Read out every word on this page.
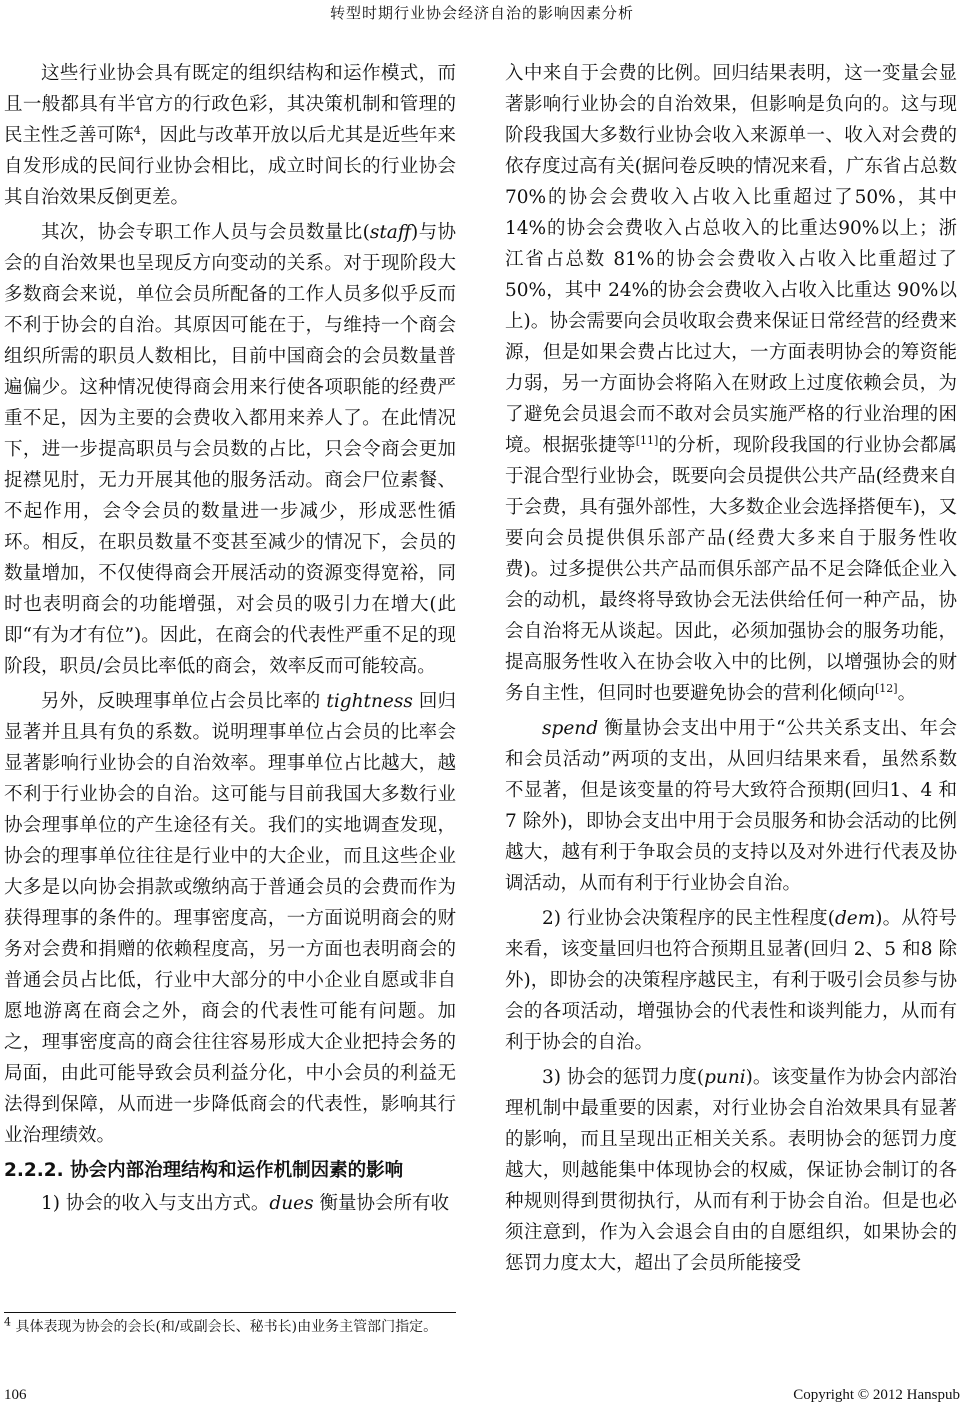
转型时期行业协会经济自治的影响因素分析

这些行业协会具有既定的组织结构和运作模式，而且一般都具有半官方的行政色彩，其决策机制和管理的民主性乏善可陈$^4$，因此与改革开放以后尤其是近些年来自发形成的民间行业协会相比，成立时间长的行业协会其自治效果反倒更差。

其次，协会专职工作人员与会员数量比(staff)与协会的自治效果也呈现反方向变动的关系。对于现阶段大多数商会来说，单位会员所配备的工作人员多似乎反而不利于协会的自治。其原因可能在于，与维持一个商会组织所需的职员人数相比，目前中国商会的会员数量普遍偏少。这种情况使得商会用来行使各项职能的经费严重不足，因为主要的会费收入都用来养人了。在此情况下，进一步提高职员与会员数的占比，只会令商会更加捉襟见肘，无力开展其他的服务活动。商会尸位素餐、不起作用，会令会员的数量进一步减少，形成恶性循环。相反，在职员数量不变甚至减少的情况下，会员的数量增加，不仅使得商会开展活动的资源变得宽裕，同时也表明商会的功能增强，对会员的吸引力在增大(此即“有为才有位”)。因此，在商会的代表性严重不足的现阶段，职员/会员比率低的商会，效率反而可能较高。

另外，反映理事单位占会员比率的 tightness 回归显著并且具有负的系数。说明理事单位占会员的比率会显著影响行业协会的自治效率。理事单位占比越大，越不利于行业协会的自治。这可能与目前我国大多数行业协会理事单位的产生途径有关。我们的实地调查发现，协会的理事单位往往是行业中的大企业，而且这些企业大多是以向协会捐款或缴纳高于普通会员的会费而作为获得理事的条件的。理事密度高，一方面说明商会的财务对会费和捐赠的依赖程度高，另一方面也表明商会的普通会员占比低，行业中大部分的中小企业自愿或非自愿地游离在商会之外，商会的代表性可能有问题。加之，理事密度高的商会往往容易形成大企业把持会务的局面，由此可能导致会员利益分化，中小会员的利益无法得到保障，从而进一步降低商会的代表性，影响其行业治理绩效。

2.2.2. 协会内部治理结构和运作机制因素的影响

1) 协会的收入与支出方式。dues 衡量协会所有收

入中来自于会费的比例。回归结果表明，这一变量会显著影响行业协会的自治效果，但影响是负向的。这与现阶段我国大多数行业协会收入来源单一、收入对会费的依存度过高有关(据问卷反映的情况来看，广东省占总数 70%的协会会费收入占收入比重超过了50%，其中 14%的协会会费收入占总收入的比重达90%以上；浙江省占总数 81%的协会会费收入占收入比重超过了 50%，其中 24%的协会会费收入占收入比重达 90%以上)。协会需要向会员收取会费来保证日常经营的经费来源，但是如果会费占比过大，一方面表明协会的筹资能力弱，另一方面协会将陷入在财政上过度依赖会员，为了避免会员退会而不敢对会员实施严格的行业治理的困境。根据张捷等[11]的分析，现阶段我国的行业协会都属于混合型行业协会，既要向会员提供公共产品(经费来自于会费，具有强外部性，大多数企业会选择搭便车)，又要向会员提供俱乐部产品(经费大多来自于服务性收费)。过多提供公共产品而俱乐部产品不足会降低企业入会的动机，最终将导致协会无法供给任何一种产品，协会自治将无从谈起。因此，必须加强协会的服务功能，提高服务性收入在协会收入中的比例，以增强协会的财务自主性，但同时也要避免协会的营利化倾向[12]。

spend 衡量协会支出中用于“公共关系支出、年会和会员活动”两项的支出，从回归结果来看，虽然系数不显著，但是该变量的符号大致符合预期(回归1、4 和 7 除外)，即协会支出中用于会员服务和协会活动的比例越大，越有利于争取会员的支持以及对外进行代表及协调活动，从而有利于行业协会自治。

2) 行业协会决策程序的民主性程度(dem)。从符号来看，该变量回归也符合预期且显著(回归 2、5 和8 除外)，即协会的决策程序越民主，有利于吸引会员参与协会的各项活动，增强协会的代表性和谈判能力，从而有利于协会的自治。

3) 协会的惩罚力度(puni)。该变量作为协会内部治理机制中最重要的因素，对行业协会自治效果具有显著的影响，而且呈现出正相关关系。表明协会的惩罚力度越大，则越能集中体现协会的权威，保证协会制订的各种规则得到贯彻执行，从而有利于协会自治。但是也必须注意到，作为入会退会自由的自愿组织，如果协会的惩罚力度太大，超出了会员所能接受

$^4$ 具体表现为协会的会长(和/或副会长、秘书长)由业务主管部门指定。
106	Copyright © 2012 Hanspub
